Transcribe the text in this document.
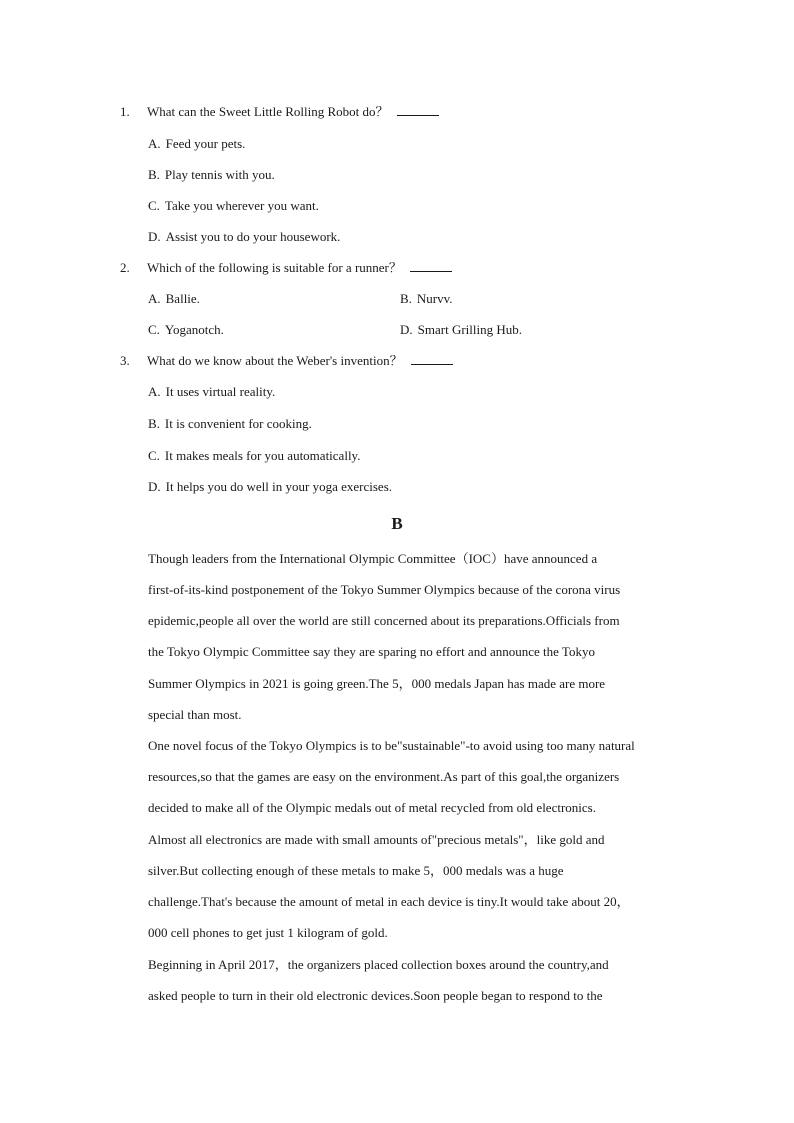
1. What can the Sweet Little Rolling Robot do？
A. Feed your pets.
B. Play tennis with you.
C. Take you wherever you want.
D. Assist you to do your housework.
2. Which of the following is suitable for a runner？
A. Ballie.	B. Nurvv.
C. Yoganotch.	D. Smart Grilling Hub.
3. What do we know about the Weber's invention？
A. It uses virtual reality.
B. It is convenient for cooking.
C. It makes meals for you automatically.
D. It helps you do well in your yoga exercises.
B
Though leaders from the International Olympic Committee（IOC）have announced a
first-of-its-kind postponement of the Tokyo Summer Olympics because of the corona virus
epidemic,people all over the world are still concerned about its preparations.Officials from
the Tokyo Olympic Committee say they are sparing no effort and announce the Tokyo
Summer Olympics in 2021 is going green.The 5，000 medals Japan has made are more
special than most.
One novel focus of the Tokyo Olympics is to be"sustainable"-to avoid using too many natural
resources,so that the games are easy on the environment.As part of this goal,the organizers
decided to make all of the Olympic medals out of metal recycled from old electronics.
Almost all electronics are made with small amounts of"precious metals"，like gold and
silver.But collecting enough of these metals to make 5，000 medals was a huge
challenge.That's because the amount of metal in each device is tiny.It would take about 20，
000 cell phones to get just 1 kilogram of gold.
Beginning in April 2017，the organizers placed collection boxes around the country,and
asked people to turn in their old electronic devices.Soon people began to respond to the
